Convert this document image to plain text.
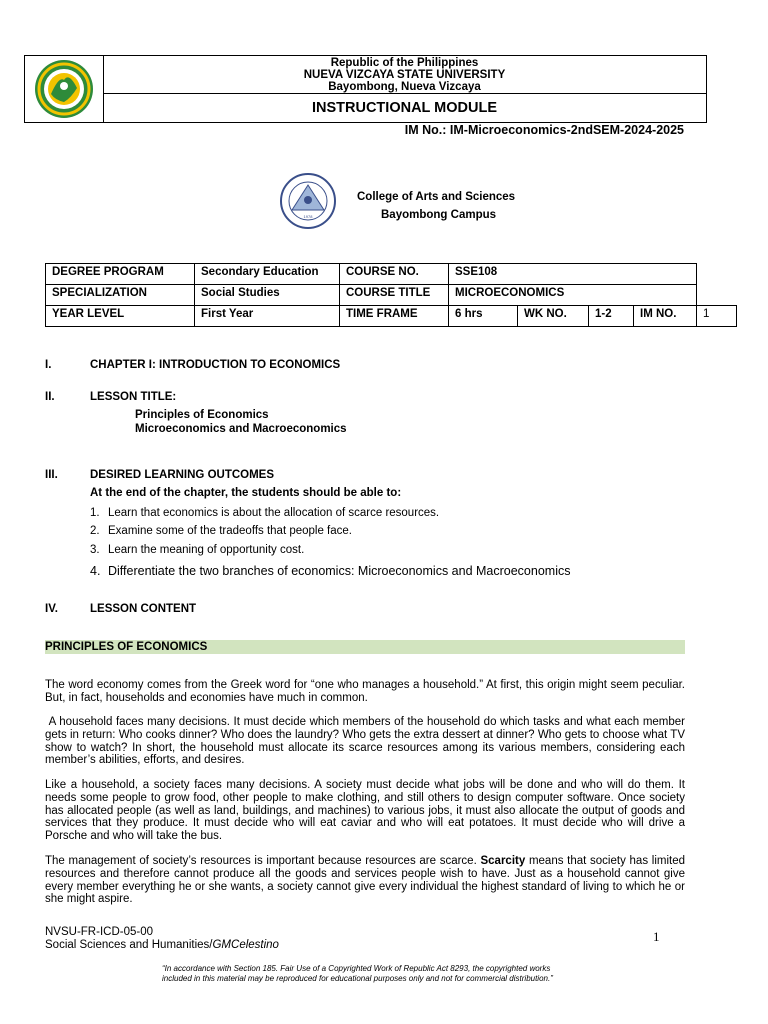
Republic of the Philippines
NUEVA VIZCAYA STATE UNIVERSITY
Bayombong, Nueva Vizcaya
INSTRUCTIONAL MODULE
IM No.: IM-Microeconomics-2ndSEM-2024-2025
1978
College of Arts and Sciences
Bayombong Campus
DEGREE PROGRAM	Secondary Education	COURSE NO.	SSE108				
SPECIALIZATION	Social Studies	COURSE TITLE	MICROECONOMICS				
YEAR LEVEL	First Year	TIME FRAME	6 hrs	WK NO.	1-2	IM NO.	1
I.	CHAPTER I: INTRODUCTION TO ECONOMICS
II.	LESSON TITLE:
Principles of Economics
Microeconomics and Macroeconomics
III.	DESIRED LEARNING OUTCOMES
At the end of the chapter, the students should be able to:
1. Learn that economics is about the allocation of scarce resources.
2. Examine some of the tradeoffs that people face.
3. Learn the meaning of opportunity cost.
4. Differentiate the two branches of economics: Microeconomics and Macroeconomics
IV.	LESSON CONTENT
PRINCIPLES OF ECONOMICS
The word economy comes from the Greek word for “one who manages a household.” At first, this origin might seem peculiar. But, in fact, households and economies have much in common.
A household faces many decisions. It must decide which members of the household do which tasks and what each member gets in return: Who cooks dinner? Who does the laundry? Who gets the extra dessert at dinner? Who gets to choose what TV show to watch? In short, the household must allocate its scarce resources among its various members, considering each member’s abilities, efforts, and desires.
Like a household, a society faces many decisions. A society must decide what jobs will be done and who will do them. It needs some people to grow food, other people to make clothing, and still others to design computer software. Once society has allocated people (as well as land, buildings, and machines) to various jobs, it must also allocate the output of goods and services that they produce. It must decide who will eat caviar and who will eat potatoes. It must decide who will drive a Porsche and who will take the bus.
The management of society’s resources is important because resources are scarce. Scarcity means that society has limited resources and therefore cannot produce all the goods and services people wish to have. Just as a household cannot give every member everything he or she wants, a society cannot give every individual the highest standard of living to which he or she might aspire.
NVSU-FR-ICD-05-00
Social Sciences and Humanities/GMCelestino
1
“In accordance with Section 185. Fair Use of a Copyrighted Work of Republic Act 8293, the copyrighted works
included in this material may be reproduced for educational purposes only and not for commercial distribution.”
